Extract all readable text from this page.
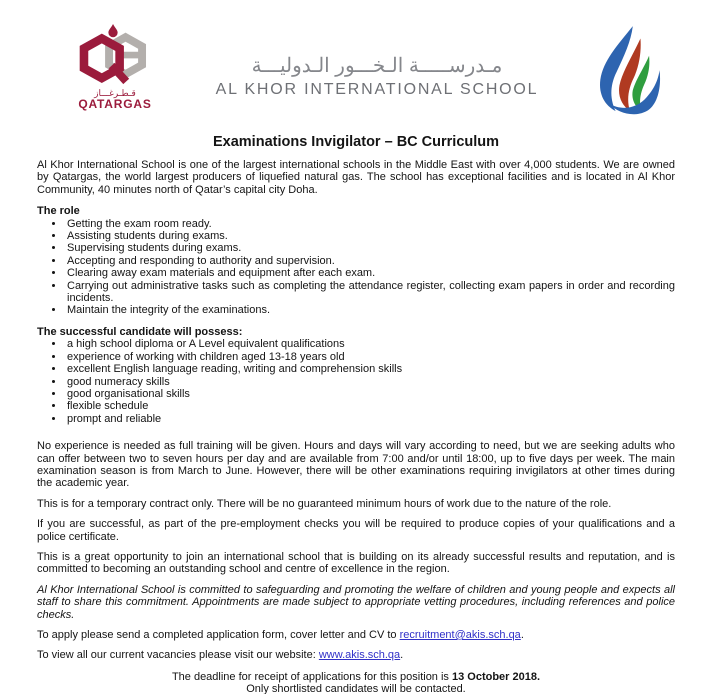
قـطـرغـــاز
QATARGAS
مـدرســـــة الـخـــور الـدوليـــة
AL KHOR INTERNATIONAL SCHOOL
Examinations Invigilator – BC Curriculum

Al Khor International School is one of the largest international schools in the Middle East with over 4,000 students. We are owned by Qatargas, the world largest producers of liquefied natural gas. The school has exceptional facilities and is located in Al Khor Community, 40 minutes north of Qatar’s capital city Doha.

The role
• Getting the exam room ready.
• Assisting students during exams.
• Supervising students during exams.
• Accepting and responding to authority and supervision.
• Clearing away exam materials and equipment after each exam.
• Carrying out administrative tasks such as completing the attendance register, collecting exam papers in order and recording incidents.
• Maintain the integrity of the examinations.
The successful candidate will possess:
• a high school diploma or A Level equivalent qualifications
• experience of working with children aged 13-18 years old
• excellent English language reading, writing and comprehension skills
• good numeracy skills
• good organisational skills
• flexible schedule
• prompt and reliable

No experience is needed as full training will be given. Hours and days will vary according to need, but we are seeking adults who can offer between two to seven hours per day and are available from 7:00 and/or until 18:00, up to five days per week. The main examination season is from March to June. However, there will be other examinations requiring invigilators at other times during the academic year.

This is for a temporary contract only. There will be no guaranteed minimum hours of work due to the nature of the role.

If you are successful, as part of the pre-employment checks you will be required to produce copies of your qualifications and a police certificate.

This is a great opportunity to join an international school that is building on its already successful results and reputation, and is committed to becoming an outstanding school and centre of excellence in the region.

Al Khor International School is committed to safeguarding and promoting the welfare of children and young people and expects all staff to share this commitment. Appointments are made subject to appropriate vetting procedures, including references and police checks.

To apply please send a completed application form, cover letter and CV to recruitment@akis.sch.qa.

To view all our current vacancies please visit our website: www.akis.sch.qa.

The deadline for receipt of applications for this position is 13 October 2018.
Only shortlisted candidates will be contacted.
